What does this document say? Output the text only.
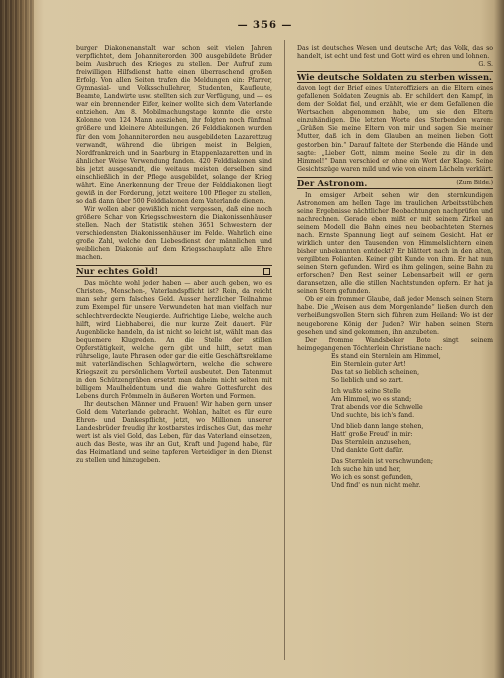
— 356 —

burger Diakonenanstalt war schon seit vielen Jahren verpflichtet, dem Johanniterorden 300 ausgebildete Brüder beim Ausbruch des Krieges zu stellen. Der Aufruf zum freiwilligen Hilfsdienst hatte einen überraschend großen Erfolg. Von allen Seiten trafen die Meldungen ein: Pfarrer, Gymnasial- und Volksschullehrer, Studenten, Kaufleute, Beamte, Landwirte usw. stellten sich zur Verfügung, und — es war ein brennender Eifer, keiner wollte sich dem Vaterlande entziehen. Am 8. Mobilmachungstage konnte die erste Kolonne von 124 Mann ausziehen, ihr folgten noch fünfmal größere und kleinere Abteilungen. 26 Felddiakonen wurden für den vom Johanniterorden neu ausgebildeten Lazarettzug verwandt, während die übrigen meist in Belgien, Nordfrankreich und in Saarburg in Etappenlazaretten und in ähnlicher Weise Verwendung fanden. 420 Felddiakonen sind bis jetzt ausgesandt, die weitaus meisten derselben sind einschließlich in der Pflege ausgebildet, solange der Krieg währt. Eine Anerkennung der Treue der Felddiakonen liegt gewiß in der Forderung, jetzt weitere 100 Pfleger zu stellen, so daß dann über 500 Felddiakonen dem Vaterlande dienen.

Wir wollen aber gewißlich nicht vergessen, daß eine noch größere Schar von Kriegsschwestern die Diakonissenhäuser stellen. Nach der Statistik stehen 3651 Schwestern der verschiedensten Diakonissenhäuser im Felde. Wahrlich eine große Zahl, welche den Liebesdienst der männlichen und weiblichen Diakonie auf dem Kriegsschauplatz alle Ehre machen.

Nur echtes Gold!

Das möchte wohl jeder haben — aber auch geben, wo es Christen-, Menschen-, Vaterlandspflicht ist? Rein, da reicht man sehr gern falsches Geld. Ausser herzlicher Teilnahme zum Exempel für unsere Verwundeten hat man vielfach nur schlechtverdeckte Neugierde. Aufrichtige Liebe, welche auch hilft, wird Liebhaberei, die nur kurze Zeit dauert. Für Augenblicke handeln, da ist nicht so leicht ist, wählt man das bequemere Klugreden. An die Stelle der stillen Opferstätigkeit, welche gern gibt und hilft, setzt man rührselige, laute Phrasen oder gar die eitle Geschäftsreklame mit vaterländischen Schlagwörtern, welche die schwere Kriegszeit zu persönlichem Vorteil ausbeutet. Den Tatenmut in den Schützengräben ersetzt man daheim nicht selten mit billigem Maulheldentum und die wahre Gottesfurcht des Lebens durch Frömmeln in äußeren Worten und Formen.

Ihr deutschen Männer und Frauen! Wir haben gern unser Gold dem Vaterlande gebracht. Wohlan, haltet es für eure Ehren- und Dankespflicht, jetzt, wo Millionen unserer Landesbrüder freudig ihr kostbarstes irdisches Gut, das mehr wert ist als viel Gold, das Leben, für das Vaterland einsetzen, auch das Beste, was ihr an Gut, Kraft und Jugend habe, für das Heimatland und seine tapferen Verteidiger in den Dienst zu stellen und hinzugeben.

Das ist deutsches Wesen und deutsche Art; das Volk, das so handelt, ist echt und fest und Gott wird es ehren und lohnen.

G. S.
Wie deutsche Soldaten zu sterben wissen.

davon legt der Brief eines Unteroffiziers an die Eltern eines gefallenen Soldaten Zeugnis ab. Er schildert den Kampf, in dem der Soldat fiel, und erzählt, wie er dem Gefallenen die Wertsachen abgenommen habe, um sie den Eltern einzuhändigen. Die letzten Worte des Sterbenden waren: „Grüßen Sie meine Eltern von mir und sagen Sie meiner Mutter, daß ich in dem Glauben an meinen lieben Gott gestorben bin.“ Darauf faltete der Sterbende die Hände und sagte: „Lieber Gott, nimm meine Seele zu dir in den Himmel!“ Dann verschied er ohne ein Wort der Klage. Seine Gesichtszüge waren mild und wie von einem Lächeln verklärt.

Der Astronom.	(Zum Bilde.)

In emsiger Arbeit sehen wir den sternkundigen Astronomen am hellen Tage im traulichen Arbeitsstübchen seine Ergebnisse nächtlicher Beobachtungen nachprüfen und nachrechnen. Gerade eben mißt er mit seinem Zirkel an seinem Modell die Bahn eines neu beobachteten Sternes nach. Ernste Spannung liegt auf seinem Gesicht. Hat er wirklich unter den Tausenden von Himmelslichtern einen bisher unbekannten entdeckt? Er blättert nach in den alten, vergilbten Folianten. Keiner gibt Kunde von ihm. Er hat nun seinen Stern gefunden. Wird es ihm gelingen, seine Bahn zu erforschen? Den Rest seiner Lebensarbeit will er gern daransetzen, alle die stillen Nachtstunden opfern. Er hat ja seinen Stern gefunden.

Ob er ein frommer Glaube, daß jeder Mensch seinen Stern habe. Die „Weisen aus dem Morgenlande“ ließen durch den verheißungsvollen Stern sich führen zum Heiland: Wo ist der neugeborene König der Juden? Wir haben seinen Stern gesehen und sind gekommen, ihn anzubeten.

Der fromme Wandsbeker Bote singt seinem heimgegangenen Töchterlein Christiane nach:

Es stand ein Sternlein am Himmel,
Ein Sternlein guter Art!
Das tat so lieblich scheinen,
So lieblich und so zart.
Ich wußte seine Stelle
Am Himmel, wo es stand;
Trat abends vor die Schwelle
Und suchte, bis ich's fand.
Und blieb dann lange stehen,
Hatt' große Freud' in mir:
Das Sternlein anzusehen,
Und dankte Gott dafür.
Das Sternlein ist verschwunden;
Ich suche hin und her,
Wo ich es sonst gefunden,
Und find' es nun nicht mehr.
